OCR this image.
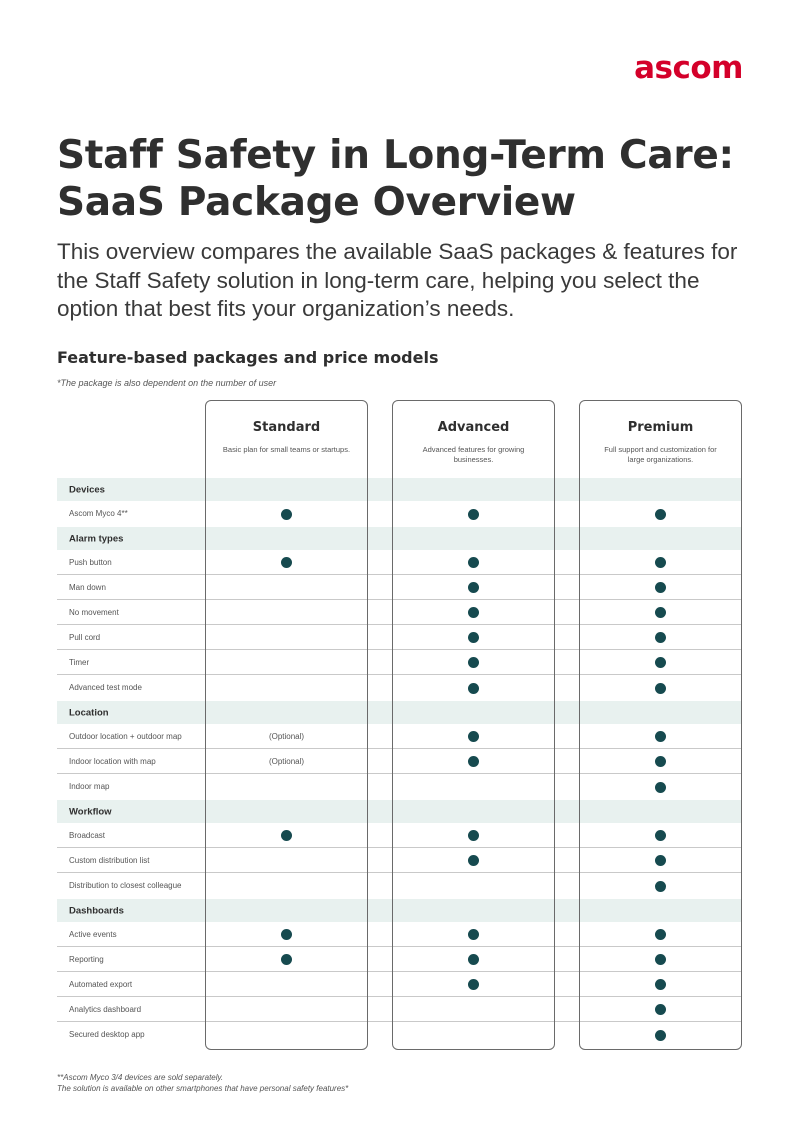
ascom
Staff Safety in Long-Term Care:
SaaS Package Overview

This overview compares the available SaaS packages & features for the Staff Safety solution in long-term care, helping you select the option that best fits your organization’s needs.

Feature-based packages and price models

*The package is also dependent on the number of user

Standard
Basic plan for small teams or startups.
Advanced
Advanced features for growing businesses.
Premium
Full support and customization for large organizations.
Devices
Ascom Myco 4**
Alarm types
Push button
Man down
No movement
Pull cord
Timer
Advanced test mode
Location
Outdoor location + outdoor map	(Optional)
Indoor location with map	(Optional)
Indoor map
Workflow
Broadcast
Custom distribution list
Distribution to closest colleague
Dashboards
Active events
Reporting
Automated export
Analytics dashboard
Secured desktop app
**Ascom Myco 3/4 devices are sold separately.
The solution is available on other smartphones that have personal safety features*
